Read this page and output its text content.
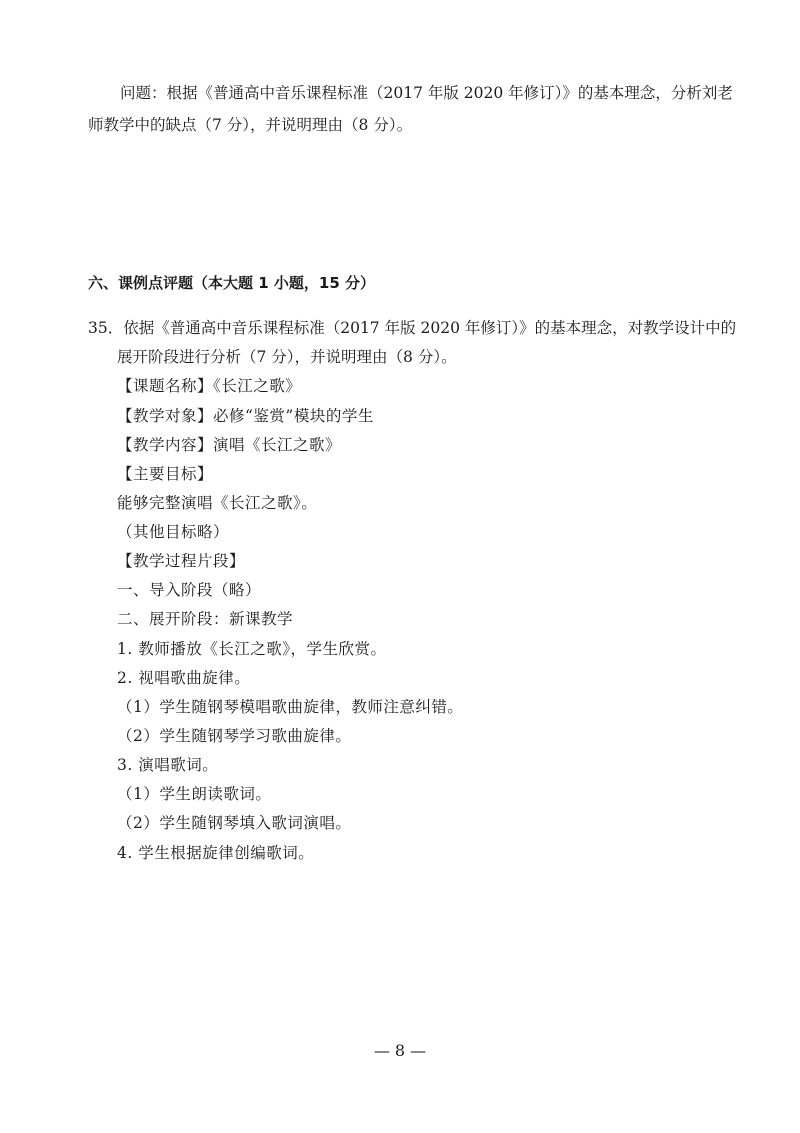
问题：根据《普通高中音乐课程标准（2017 年版 2020 年修订）》的基本理念，分析刘老
师教学中的缺点（7 分），并说明理由（8 分）。
六、课例点评题（本大题 1 小题，15 分）
35．依据《普通高中音乐课程标准（2017 年版 2020 年修订）》的基本理念，对教学设计中的
展开阶段进行分析（7 分），并说明理由（8 分）。
【课题名称】《长江之歌》
【教学对象】必修“鉴赏”模块的学生
【教学内容】演唱《长江之歌》
【主要目标】
能够完整演唱《长江之歌》。
（其他目标略）
【教学过程片段】
一、导入阶段（略）
二、展开阶段：新课教学
1. 教师播放《长江之歌》，学生欣赏。
2. 视唱歌曲旋律。
（1）学生随钢琴模唱歌曲旋律，教师注意纠错。
（2）学生随钢琴学习歌曲旋律。
3. 演唱歌词。
（1）学生朗读歌词。
（2）学生随钢琴填入歌词演唱。
4. 学生根据旋律创编歌词。
— 8 —
